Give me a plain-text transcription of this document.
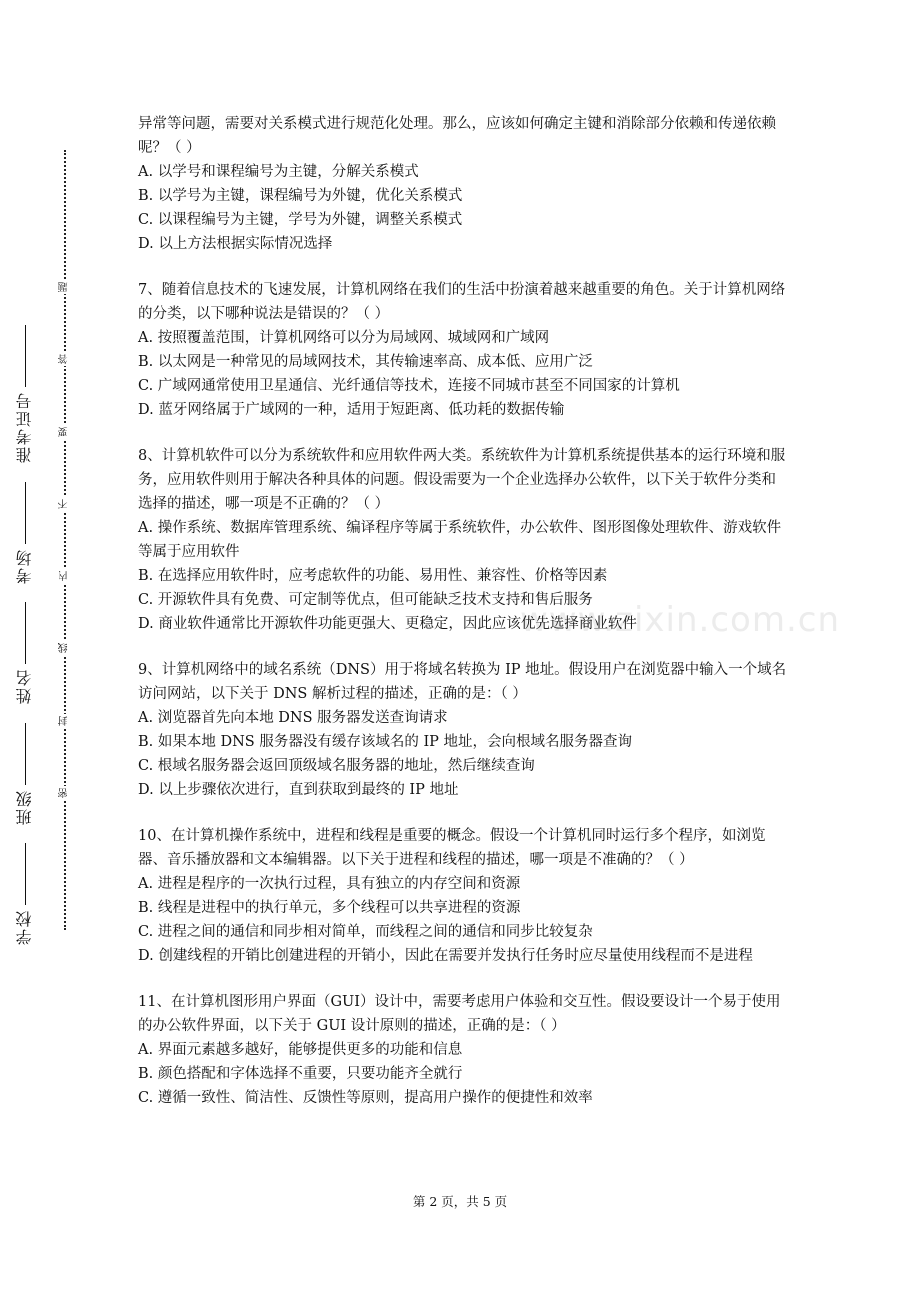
准考证号
考场
姓名
班级
学校
题
答
要
不
内
线
封
密
www.zixin.com.cn

异常等问题，需要对关系模式进行规范化处理。那么，应该如何确定主键和消除部分依赖和传递依赖呢？（ ）

A. 以学号和课程编号为主键，分解关系模式

B. 以学号为主键，课程编号为外键，优化关系模式

C. 以课程编号为主键，学号为外键，调整关系模式

D. 以上方法根据实际情况选择

7、随着信息技术的飞速发展，计算机网络在我们的生活中扮演着越来越重要的角色。关于计算机网络的分类，以下哪种说法是错误的？（ ）

A. 按照覆盖范围，计算机网络可以分为局域网、城域网和广域网

B. 以太网是一种常见的局域网技术，其传输速率高、成本低、应用广泛

C. 广域网通常使用卫星通信、光纤通信等技术，连接不同城市甚至不同国家的计算机

D. 蓝牙网络属于广域网的一种，适用于短距离、低功耗的数据传输

8、计算机软件可以分为系统软件和应用软件两大类。系统软件为计算机系统提供基本的运行环境和服务，应用软件则用于解决各种具体的问题。假设需要为一个企业选择办公软件，以下关于软件分类和选择的描述，哪一项是不正确的？（ ）

A. 操作系统、数据库管理系统、编译程序等属于系统软件，办公软件、图形图像处理软件、游戏软件等属于应用软件

B. 在选择应用软件时，应考虑软件的功能、易用性、兼容性、价格等因素

C. 开源软件具有免费、可定制等优点，但可能缺乏技术支持和售后服务

D. 商业软件通常比开源软件功能更强大、更稳定，因此应该优先选择商业软件

9、计算机网络中的域名系统（DNS）用于将域名转换为 IP 地址。假设用户在浏览器中输入一个域名访问网站，以下关于 DNS 解析过程的描述，正确的是：（ ）

A. 浏览器首先向本地 DNS 服务器发送查询请求

B. 如果本地 DNS 服务器没有缓存该域名的 IP 地址，会向根域名服务器查询

C. 根域名服务器会返回顶级域名服务器的地址，然后继续查询

D. 以上步骤依次进行，直到获取到最终的 IP 地址

10、在计算机操作系统中，进程和线程是重要的概念。假设一个计算机同时运行多个程序，如浏览器、音乐播放器和文本编辑器。以下关于进程和线程的描述，哪一项是不准确的？（ ）

A. 进程是程序的一次执行过程，具有独立的内存空间和资源

B. 线程是进程中的执行单元，多个线程可以共享进程的资源

C. 进程之间的通信和同步相对简单，而线程之间的通信和同步比较复杂

D. 创建线程的开销比创建进程的开销小，因此在需要并发执行任务时应尽量使用线程而不是进程

11、在计算机图形用户界面（GUI）设计中，需要考虑用户体验和交互性。假设要设计一个易于使用的办公软件界面，以下关于 GUI 设计原则的描述，正确的是：（ ）

A. 界面元素越多越好，能够提供更多的功能和信息

B. 颜色搭配和字体选择不重要，只要功能齐全就行

C. 遵循一致性、简洁性、反馈性等原则，提高用户操作的便捷性和效率

第 2 页，共 5 页
